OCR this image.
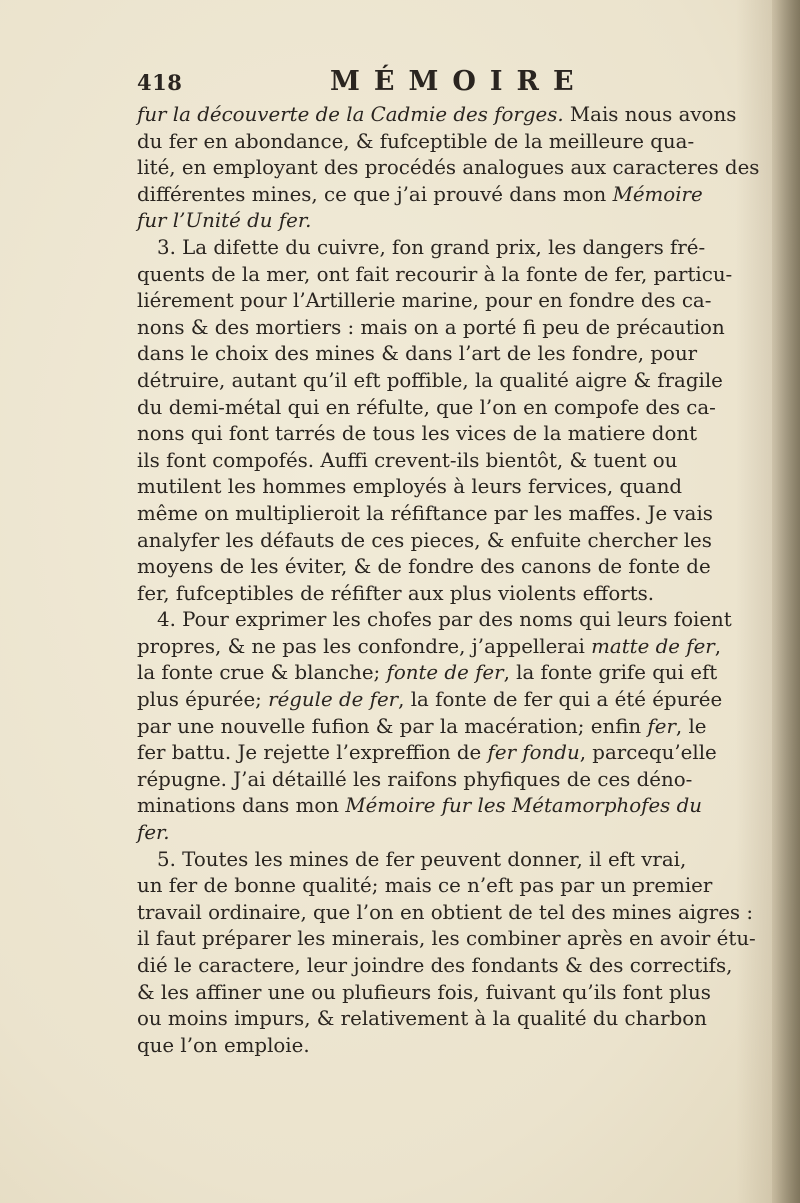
418	MÉMOIRE
fur la découverte de la Cadmie des forges. Mais nous avons
du fer en abondance, & fufceptible de la meilleure qua-
lité, en employant des procédés analogues aux caracteres des
différentes mines, ce que j’ai prouvé dans mon Mémoire
fur l’Unité du fer.
3. La difette du cuivre, fon grand prix, les dangers fré-
quents de la mer, ont fait recourir à la fonte de fer, particu-
liérement pour l’Artillerie marine, pour en fondre des ca-
nons & des mortiers : mais on a porté fi peu de précaution
dans le choix des mines & dans l’art de les fondre, pour
détruire, autant qu’il eft poffible, la qualité aigre & fragile
du demi-métal qui en réfulte, que l’on en compofe des ca-
nons qui font tarrés de tous les vices de la matiere dont
ils font compofés. Auffi crevent-ils bientôt, & tuent ou
mutilent les hommes employés à leurs fervices, quand
même on multiplieroit la réfiftance par les maffes. Je vais
analyfer les défauts de ces pieces, & enfuite chercher les
moyens de les éviter, & de fondre des canons de fonte de
fer, fufceptibles de réfifter aux plus violents efforts.
4. Pour exprimer les chofes par des noms qui leurs foient
propres, & ne pas les confondre, j’appellerai matte de fer,
la fonte crue & blanche; fonte de fer, la fonte grife qui eft
plus épurée; régule de fer, la fonte de fer qui a été épurée
par une nouvelle fufion & par la macération; enfin fer, le
fer battu. Je rejette l’expreffion de fer fondu, parcequ’elle
répugne. J’ai détaillé les raifons phyfiques de ces déno-
minations dans mon Mémoire fur les Métamorphofes du
fer.
5. Toutes les mines de fer peuvent donner, il eft vrai,
un fer de bonne qualité; mais ce n’eft pas par un premier
travail ordinaire, que l’on en obtient de tel des mines aigres :
il faut préparer les minerais, les combiner après en avoir étu-
dié le caractere, leur joindre des fondants & des correctifs,
& les affiner une ou plufieurs fois, fuivant qu’ils font plus
ou moins impurs, & relativement à la qualité du charbon
que l’on emploie.
